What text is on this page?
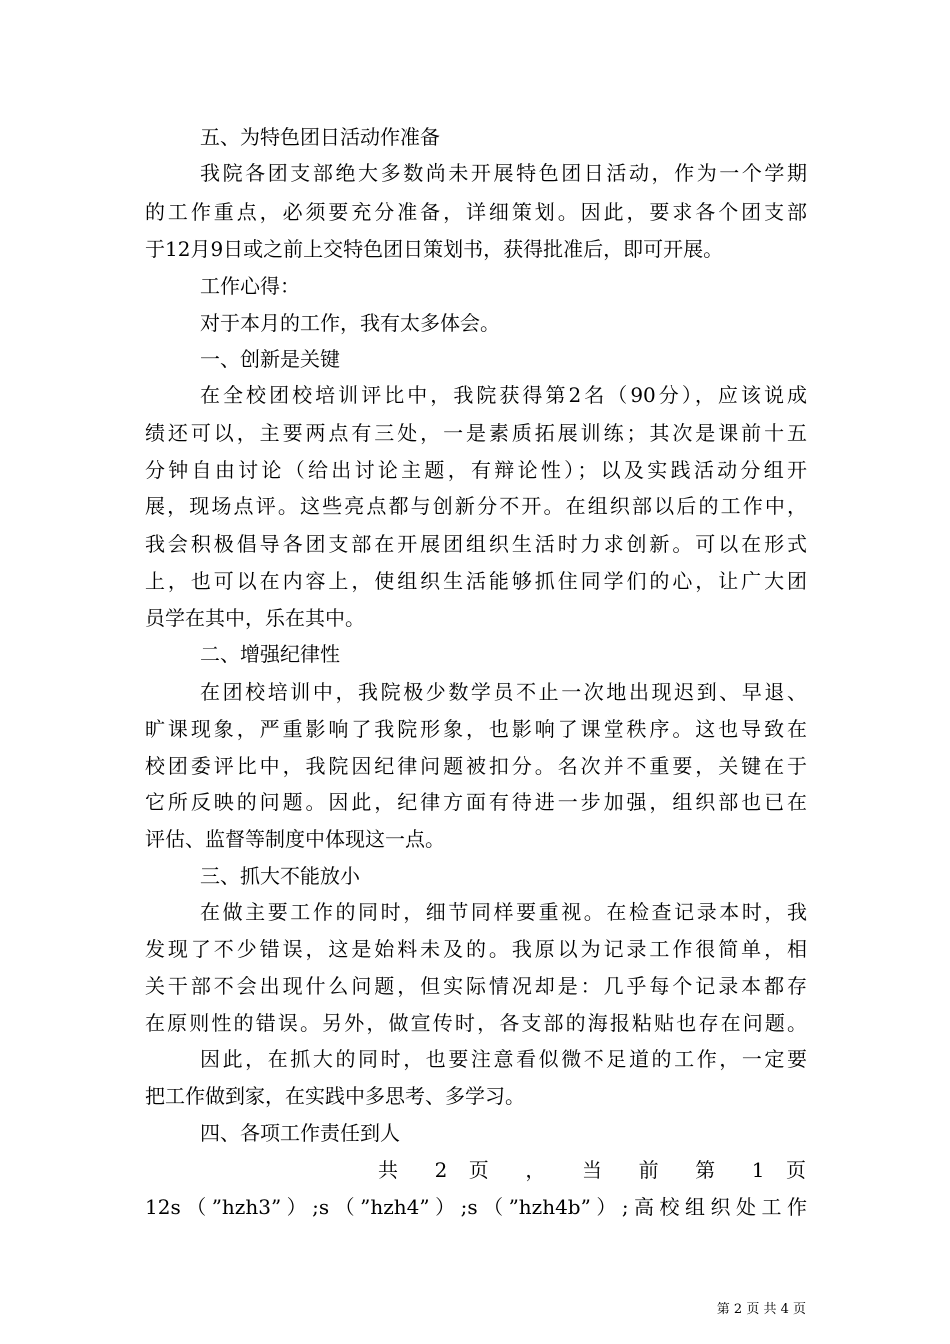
五、为特色团日活动作准备
我院各团支部绝大多数尚未开展特色团日活动，作为一个学期
的工作重点，必须要充分准备，详细策划。因此，要求各个团支部
于12月9日或之前上交特色团日策划书，获得批准后，即可开展。
工作心得：
对于本月的工作，我有太多体会。
一、创新是关键
在全校团校培训评比中，我院获得第2名（90分），应该说成
绩还可以，主要两点有三处，一是素质拓展训练；其次是课前十五
分钟自由讨论（给出讨论主题，有辩论性）；以及实践活动分组开
展，现场点评。这些亮点都与创新分不开。在组织部以后的工作中，
我会积极倡导各团支部在开展团组织生活时力求创新。可以在形式
上，也可以在内容上，使组织生活能够抓住同学们的心，让广大团
员学在其中，乐在其中。
二、增强纪律性
在团校培训中，我院极少数学员不止一次地出现迟到、早退、
旷课现象，严重影响了我院形象，也影响了课堂秩序。这也导致在
校团委评比中，我院因纪律问题被扣分。名次并不重要，关键在于
它所反映的问题。因此，纪律方面有待进一步加强，组织部也已在
评估、监督等制度中体现这一点。
三、抓大不能放小
在做主要工作的同时，细节同样要重视。在检查记录本时，我
发现了不少错误，这是始料未及的。我原以为记录工作很简单，相
关干部不会出现什么问题，但实际情况却是：几乎每个记录本都存
在原则性的错误。另外，做宣传时，各支部的海报粘贴也存在问题。
因此，在抓大的同时，也要注意看似微不足道的工作，一定要
把工作做到家，在实践中多思考、多学习。
四、各项工作责任到人
共 2 页 ， 当 前 第 1 页
12s（”hzh3”）;s（”hzh4”）;s（”hzh4b”）;高校组织处工作
第 2 页 共 4 页
